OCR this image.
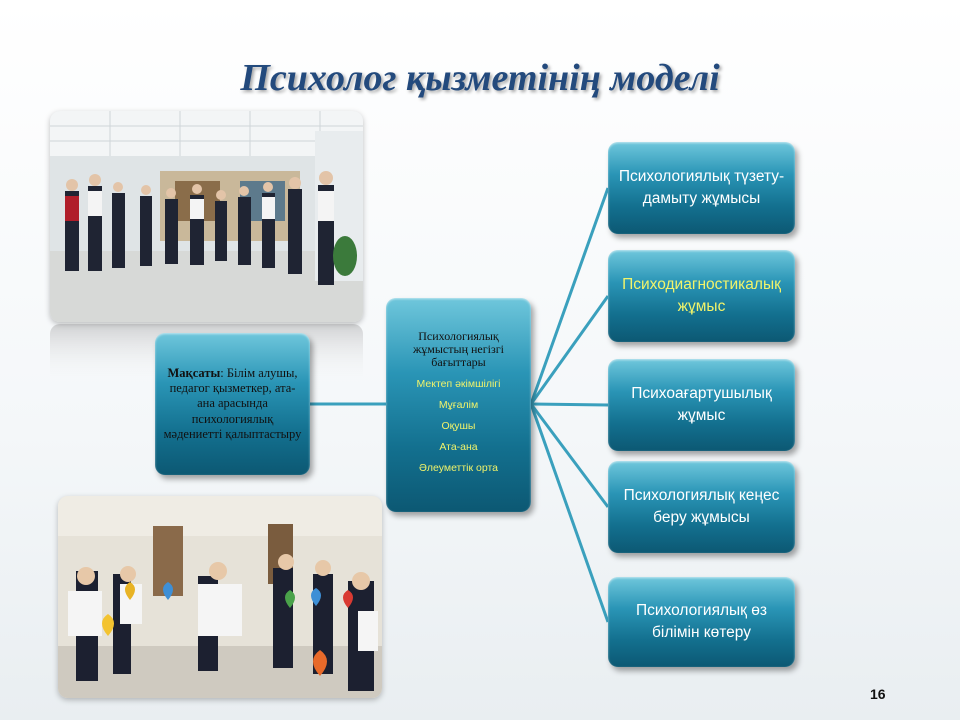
Психолог қызметінің моделі
Мақсаты: Білім алушы, педагог қызметкер, ата-ана арасында психологиялық мәдениетті қалыптастыру
Психологиялық жұмыстың негізгі бағыттары
Мектеп әкімшілігі
Мұғалім
Оқушы
Ата-ана
Әлеуметтік орта
Психологиялық түзету-дамыту жұмысы
Психодиагностикалық жұмыс
Психоағартушылық жұмыс
Психологиялық кеңес беру жұмысы
Психологиялық өз білімін көтеру
16
